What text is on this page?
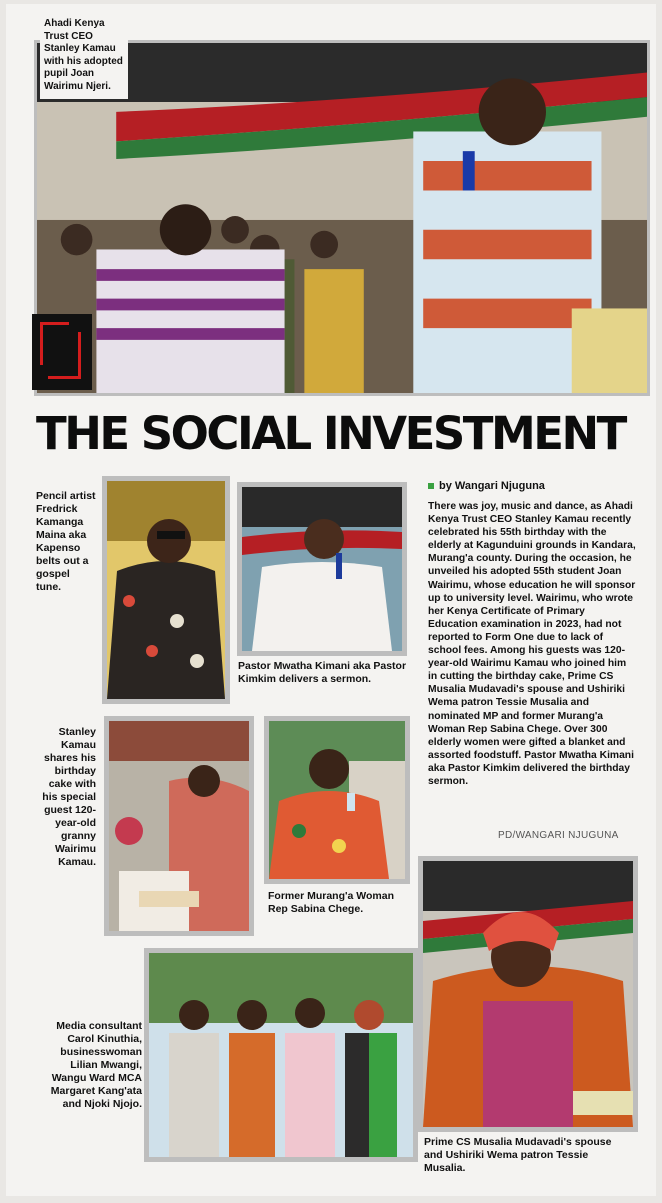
Ahadi Kenya Trust CEO Stanley Kamau with his adopted pupil Joan Wairimu Njeri.
THE SOCIAL INVESTMENT
Pencil artist Fredrick Kamanga Maina aka Kapenso belts out a gospel tune.
Pastor Mwatha Kimani aka Pastor Kimkim delivers a sermon.
Stanley Kamau shares his birthday cake with his special guest 120-year-old granny Wairimu Kamau.
Former Murang'a Woman Rep Sabina Chege.
by Wangari Njuguna
There was joy, music and dance, as Ahadi Kenya Trust CEO Stanley Kamau recently celebrated his 55th birthday with the elderly at Kagunduini grounds in Kandara, Murang'a county. During the occasion, he unveiled his adopted 55th student Joan Wairimu, whose education he will sponsor up to university level. Wairimu, who wrote her Kenya Certificate of Primary Education examination in 2023, had not reported to Form One due to lack of school fees. Among his guests was 120-year-old Wairimu Kamau who joined him in cutting the birthday cake, Prime CS Musalia Mudavadi's spouse and Ushiriki Wema patron Tessie Musalia and nominated MP and former Murang'a Woman Rep Sabina Chege. Over 300 elderly women were gifted a blanket and assorted foodstuff. Pastor Mwatha Kimani aka Pastor Kimkim delivered the birthday sermon.
PD/WANGARI NJUGUNA
Media consultant Carol Kinuthia, businesswoman Lilian Mwangi, Wangu Ward MCA Margaret Kang'ata and Njoki Njojo.
Prime CS Musalia Mudavadi's spouse and Ushiriki Wema patron Tessie Musalia.
